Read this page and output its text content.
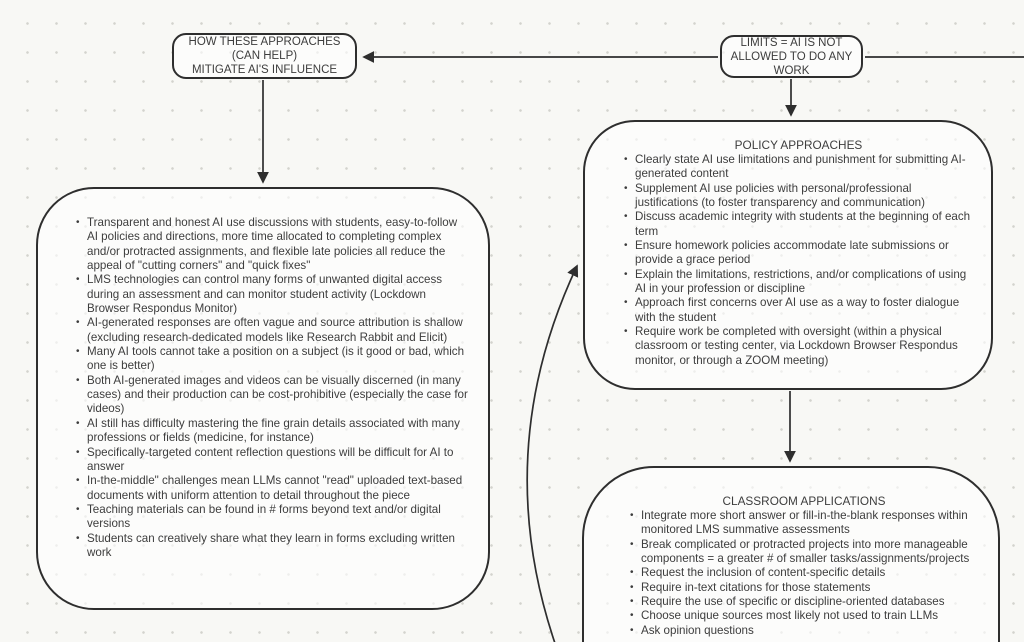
HOW THESE APPROACHES
(CAN HELP)
MITIGATE AI'S INFLUENCE
LIMITS = AI IS NOT
ALLOWED TO DO ANY
WORK
• Transparent and honest AI use discussions with students, easy-to-follow AI policies and directions, more time allocated to completing complex and/or protracted assignments, and flexible late policies all reduce the appeal of "cutting corners" and "quick fixes"
• LMS technologies can control many forms of unwanted digital access during an assessment and can monitor student activity (Lockdown Browser Respondus Monitor)
• AI-generated responses are often vague and source attribution is shallow (excluding research-dedicated models like Research Rabbit and Elicit)
• Many AI tools cannot take a position on a subject (is it good or bad, which one is better)
• Both AI-generated images and videos can be visually discerned (in many cases) and their production can be cost-prohibitive (especially the case for videos)
• AI still has difficulty mastering the fine grain details associated with many professions or fields (medicine, for instance)
• Specifically-targeted content reflection questions will be difficult for AI to answer
• In-the-middle" challenges mean LLMs cannot "read" uploaded text-based documents with uniform attention to detail throughout the piece
• Teaching materials can be found in # forms beyond text and/or digital versions
• Students can creatively share what they learn in forms excluding written work
POLICY APPROACHES
• Clearly state AI use limitations and punishment for submitting AI-generated content
• Supplement AI use policies with personal/professional justifications (to foster transparency and communication)
• Discuss academic integrity with students at the beginning of each term
• Ensure homework policies accommodate late submissions or provide a grace period
• Explain the limitations, restrictions, and/or complications of using AI in your profession or discipline
• Approach first concerns over AI use as a way to foster dialogue with the student
• Require work be completed with oversight (within a physical classroom or testing center, via Lockdown Browser Respondus monitor, or through a ZOOM meeting)
CLASSROOM APPLICATIONS
• Integrate more short answer or fill-in-the-blank responses within monitored LMS summative assessments
• Break complicated or protracted projects into more manageable components = a greater # of smaller tasks/assignments/projects
• Request the inclusion of content-specific details
• Require in-text citations for those statements
• Require the use of specific or discipline-oriented databases
• Choose unique sources most likely not used to train LLMs
• Ask opinion questions
